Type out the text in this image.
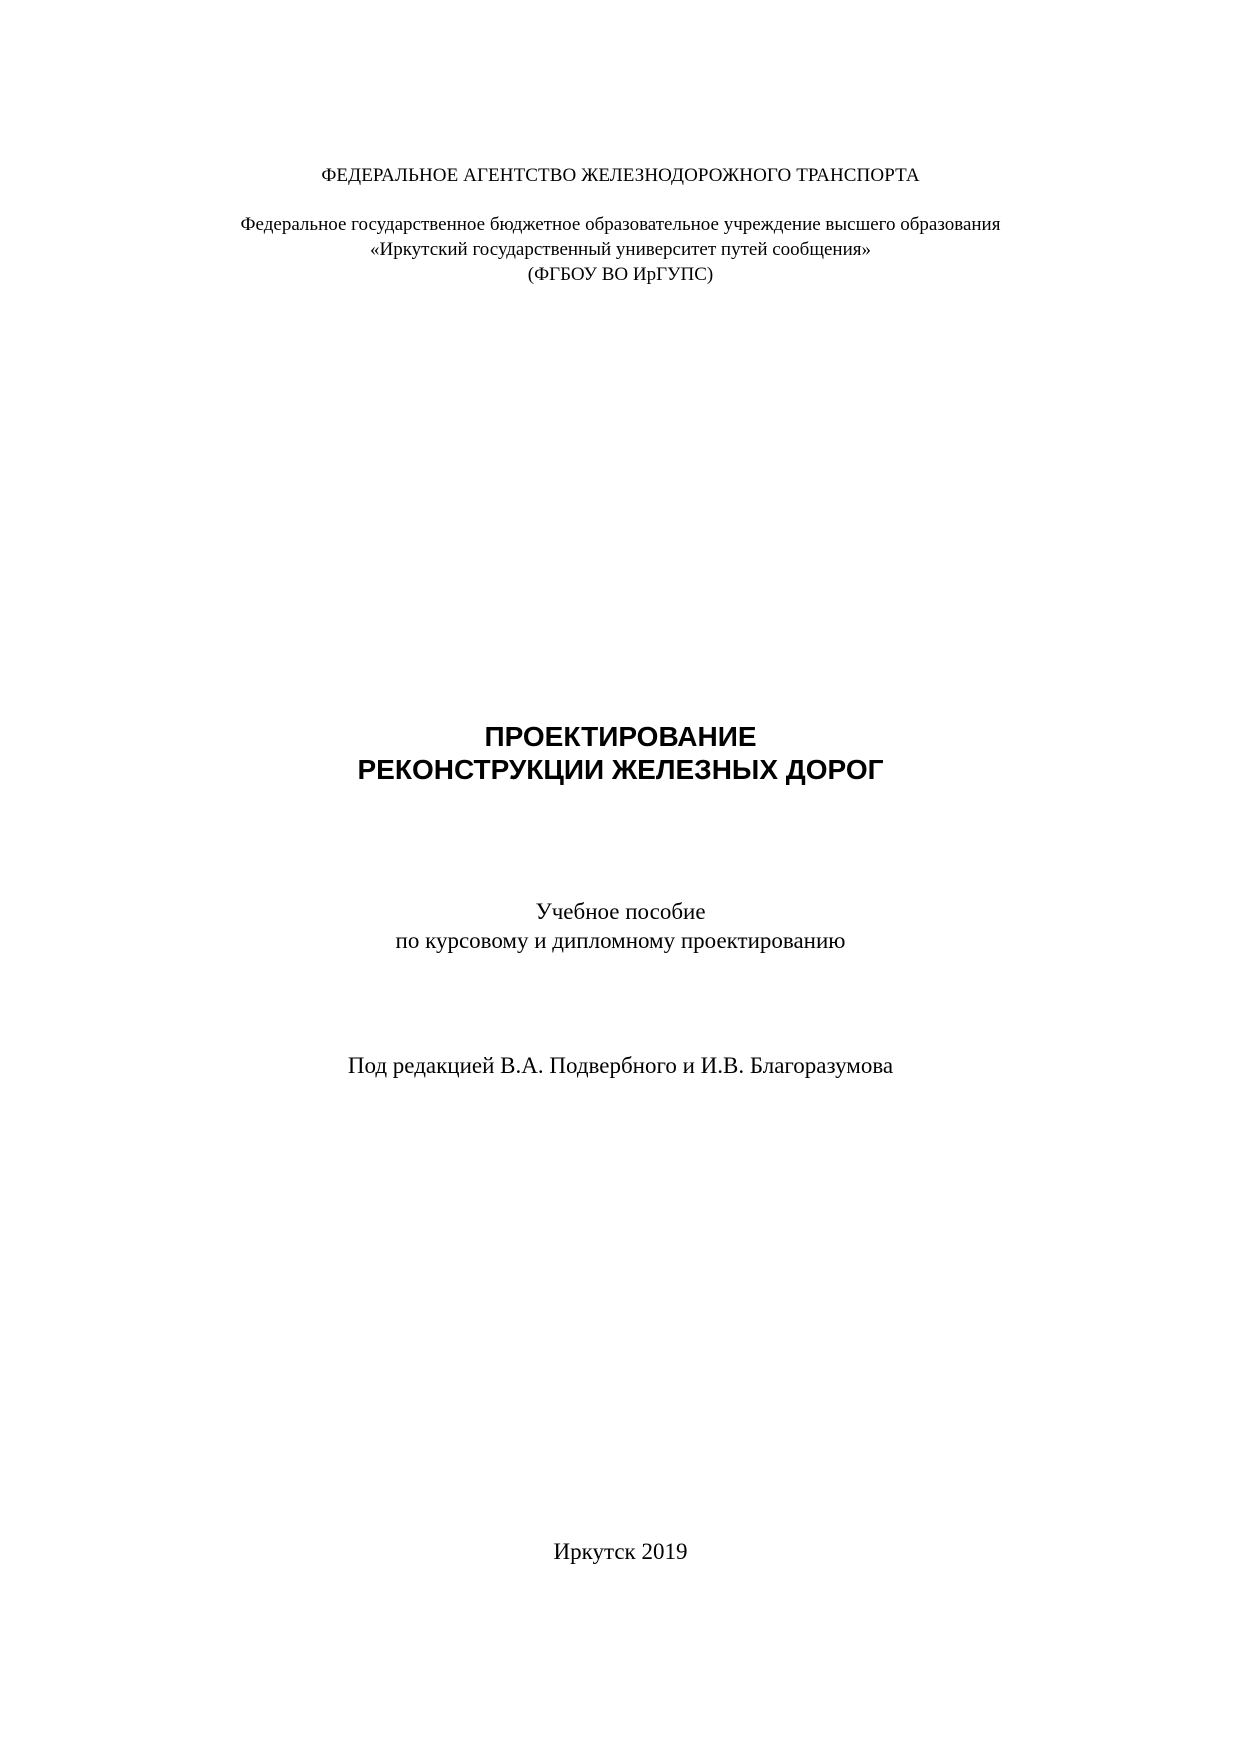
ФЕДЕРАЛЬНОЕ АГЕНТСТВО ЖЕЛЕЗНОДОРОЖНОГО ТРАНСПОРТА
Федеральное государственное бюджетное образовательное учреждение высшего образования
«Иркутский государственный университет путей сообщения»
(ФГБОУ ВО ИрГУПС)
ПРОЕКТИРОВАНИЕ
РЕКОНСТРУКЦИИ ЖЕЛЕЗНЫХ ДОРОГ
Учебное пособие
по курсовому и дипломному проектированию
Под редакцией В.А. Подвербного и И.В. Благоразумова
Иркутск 2019
